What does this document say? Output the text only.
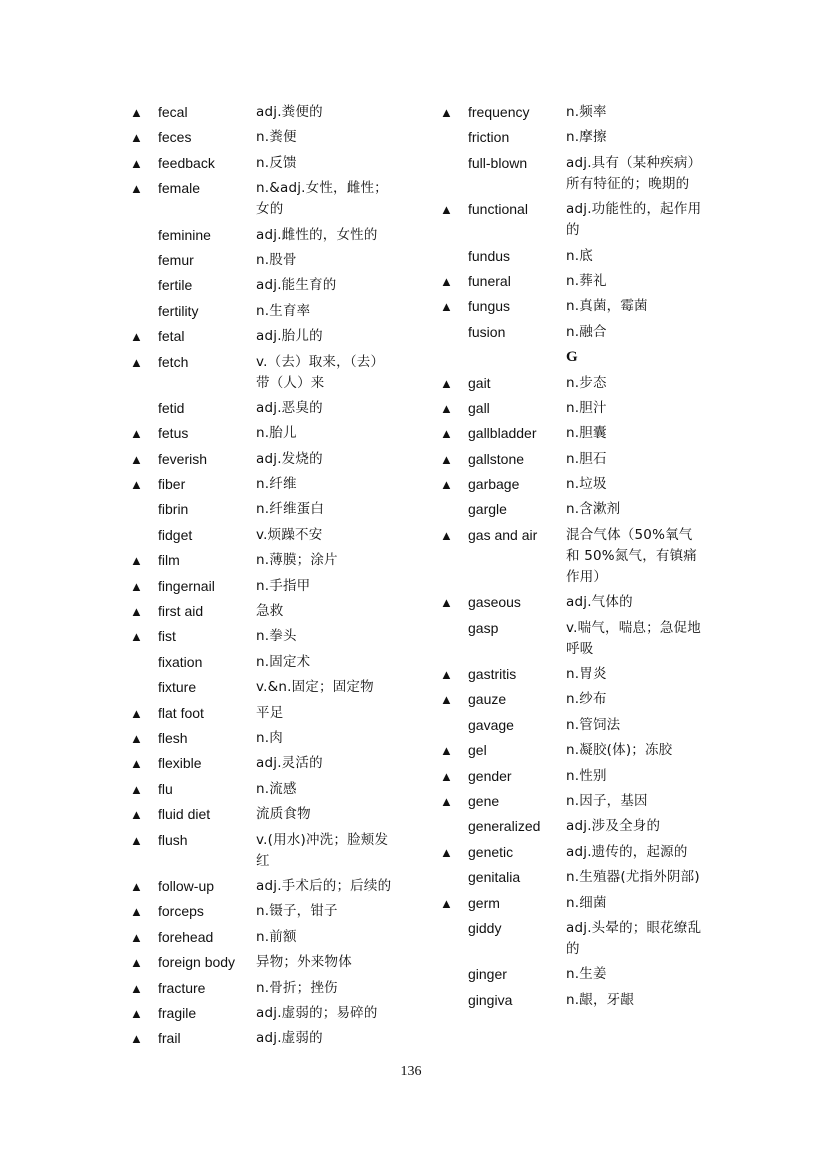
▲	fecal	adj.粪便的
▲	feces	n.粪便
▲	feedback	n.反馈
▲	female	n.&adj.女性，雌性；女的
feminine	adj.雌性的，女性的
femur	n.股骨
fertile	adj.能生育的
fertility	n.生育率
▲	fetal	adj.胎儿的
▲	fetch	v.（去）取来，（去）带（人）来
fetid	adj.恶臭的
▲	fetus	n.胎儿
▲	feverish	adj.发烧的
▲	fiber	n.纤维
fibrin	n.纤维蛋白
fidget	v.烦躁不安
▲	film	n.薄膜；涂片
▲	fingernail	n.手指甲
▲	first aid	急救
▲	fist	n.拳头
fixation	n.固定术
fixture	v.&n.固定；固定物
▲	flat foot	平足
▲	flesh	n.肉
▲	flexible	adj.灵活的
▲	flu	n.流感
▲	fluid diet	流质食物
▲	flush	v.(用水)冲洗；脸颊发红
▲	follow-up	adj.手术后的；后续的
▲	forceps	n.镊子，钳子
▲	forehead	n.前额
▲	foreign body	异物；外来物体
▲	fracture	n.骨折；挫伤
▲	fragile	adj.虚弱的；易碎的
▲	frail	adj.虚弱的
▲	frequency	n.频率
friction	n.摩擦
full-blown	adj.具有（某种疾病）所有特征的；晚期的
▲	functional	adj.功能性的，起作用的
fundus	n.底
▲	funeral	n.葬礼
▲	fungus	n.真菌，霉菌
fusion	n.融合
G
▲	gait	n.步态
▲	gall	n.胆汁
▲	gallbladder	n.胆囊
▲	gallstone	n.胆石
▲	garbage	n.垃圾
gargle	n.含漱剂
▲	gas and air	混合气体（50%氧气和 50%氮气，有镇痛作用）
▲	gaseous	adj.气体的
gasp	v.喘气，喘息；急促地呼吸
▲	gastritis	n.胃炎
▲	gauze	n.纱布
gavage	n.管饲法
▲	gel	n.凝胶(体)；冻胶
▲	gender	n.性别
▲	gene	n.因子，基因
generalized	adj.涉及全身的
▲	genetic	adj.遗传的，起源的
genitalia	n.生殖器(尤指外阴部)
▲	germ	n.细菌
giddy	adj.头晕的；眼花缭乱的
ginger	n.生姜
gingiva	n.龈，牙龈
136
